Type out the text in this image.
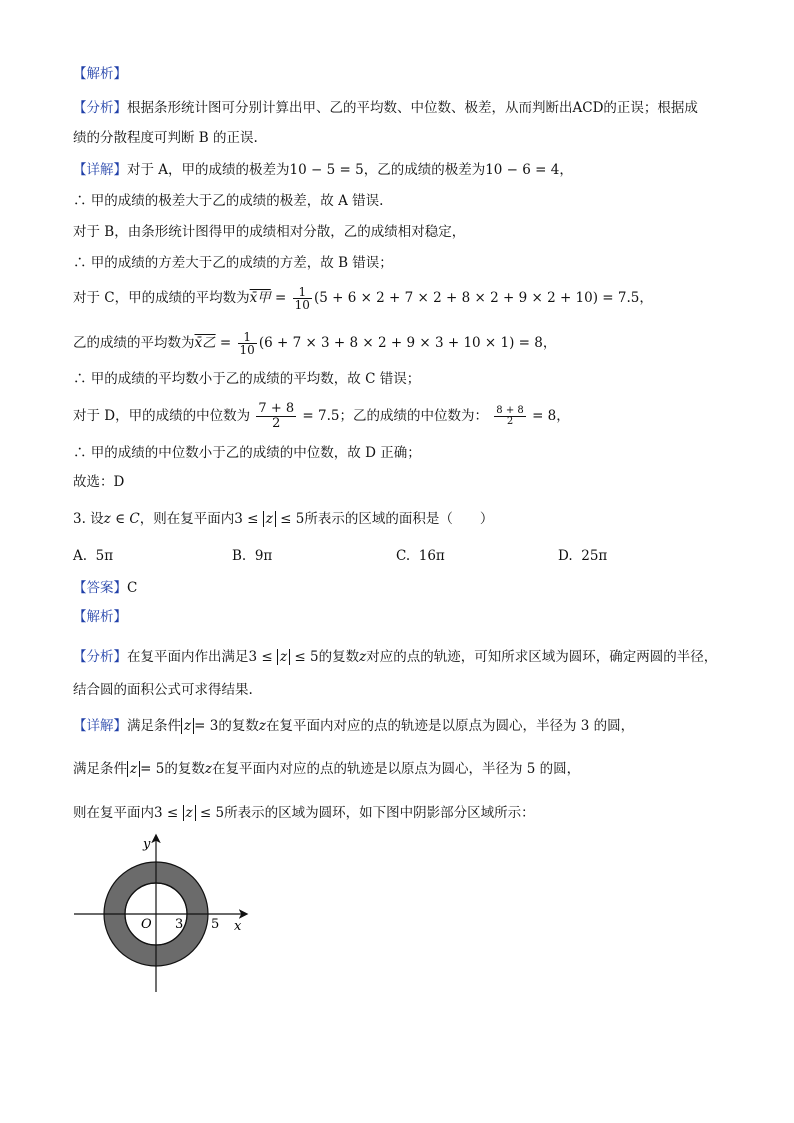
【解析】
【分析】根据条形统计图可分别计算出甲、乙的平均数、中位数、极差，从而判断出ACD的正误；根据成
绩的分散程度可判断 B 的正误.
【详解】对于 A，甲的成绩的极差为10 − 5 = 5，乙的成绩的极差为10 − 6 = 4，
∴ 甲的成绩的极差大于乙的成绩的极差，故 A 错误.
对于 B，由条形统计图得甲的成绩相对分散，乙的成绩相对稳定，
∴ 甲的成绩的方差大于乙的成绩的方差，故 B 错误；
对于 C，甲的成绩的平均数为x̄甲 = $\frac{1}{10} (5 + 6 \times 2 + 7 \times 2 + 8 \times 2 + 9 \times 2 + 10) = 7.5$，
乙的成绩的平均数为x̄乙 = $\frac{1}{10} (6 + 7 \times 3 + 8 \times 2 + 9 \times 3 + 10 \times 1) = 8$，
∴ 甲的成绩的平均数小于乙的成绩的平均数，故 C 错误；
对于 D，甲的成绩的中位数为 $\frac{7 + 8}{2} = 7.5$；乙的成绩的中位数为： $\frac{8 + 8}{2} = 8$，
∴ 甲的成绩的中位数小于乙的成绩的中位数，故 D 正确；
故选：D
3. 设z ∈ C，则在复平面内3 ≤ z ≤ 5所表示的区域的面积是（　　）
A. 5π	B. 9π	C. 16π	D. 25π
【答案】C
【解析】
【分析】在复平面内作出满足3 ≤ z ≤ 5的复数z对应的点的轨迹，可知所求区域为圆环，确定两圆的半径，
结合圆的面积公式可求得结果.
【详解】满足条件 z = 3的复数z在复平面内对应的点的轨迹是以原点为圆心，半径为 3 的圆，
满足条件 z = 5的复数z在复平面内对应的点的轨迹是以原点为圆心，半径为 5 的圆，
则在复平面内3 ≤ z ≤ 5所表示的区域为圆环，如下图中阴影部分区域所示：
y
x
O 3 5
